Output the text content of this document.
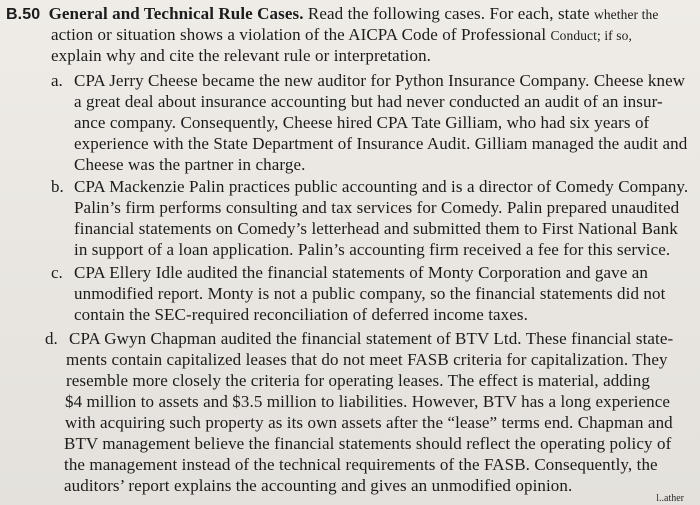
B.50 General and Technical Rule Cases. Read the following cases. For each, state whether the
action or situation shows a violation of the AICPA Code of Professional Conduct; if so,
explain why and cite the relevant rule or interpretation.
a. CPA Jerry Cheese became the new auditor for Python Insurance Company. Cheese knew
a great deal about insurance accounting but had never conducted an audit of an insur-
ance company. Consequently, Cheese hired CPA Tate Gilliam, who had six years of
experience with the State Department of Insurance Audit. Gilliam managed the audit and
Cheese was the partner in charge.
b. CPA Mackenzie Palin practices public accounting and is a director of Comedy Company.
Palin’s firm performs consulting and tax services for Comedy. Palin prepared unaudited
financial statements on Comedy’s letterhead and submitted them to First National Bank
in support of a loan application. Palin’s accounting firm received a fee for this service.
c. CPA Ellery Idle audited the financial statements of Monty Corporation and gave an
unmodified report. Monty is not a public company, so the financial statements did not
contain the SEC-required reconciliation of deferred income taxes.
d. CPA Gwyn Chapman audited the financial statement of BTV Ltd. These financial state-
ments contain capitalized leases that do not meet FASB criteria for capitalization. They
resemble more closely the criteria for operating leases. The effect is material, adding
$4 million to assets and $3.5 million to liabilities. However, BTV has a long experience
with acquiring such property as its own assets after the “lease” terms end. Chapman and
BTV management believe the financial statements should reflect the operating policy of
the management instead of the technical requirements of the FASB. Consequently, the
auditors’ report explains the accounting and gives an unmodified opinion.
l..ather
